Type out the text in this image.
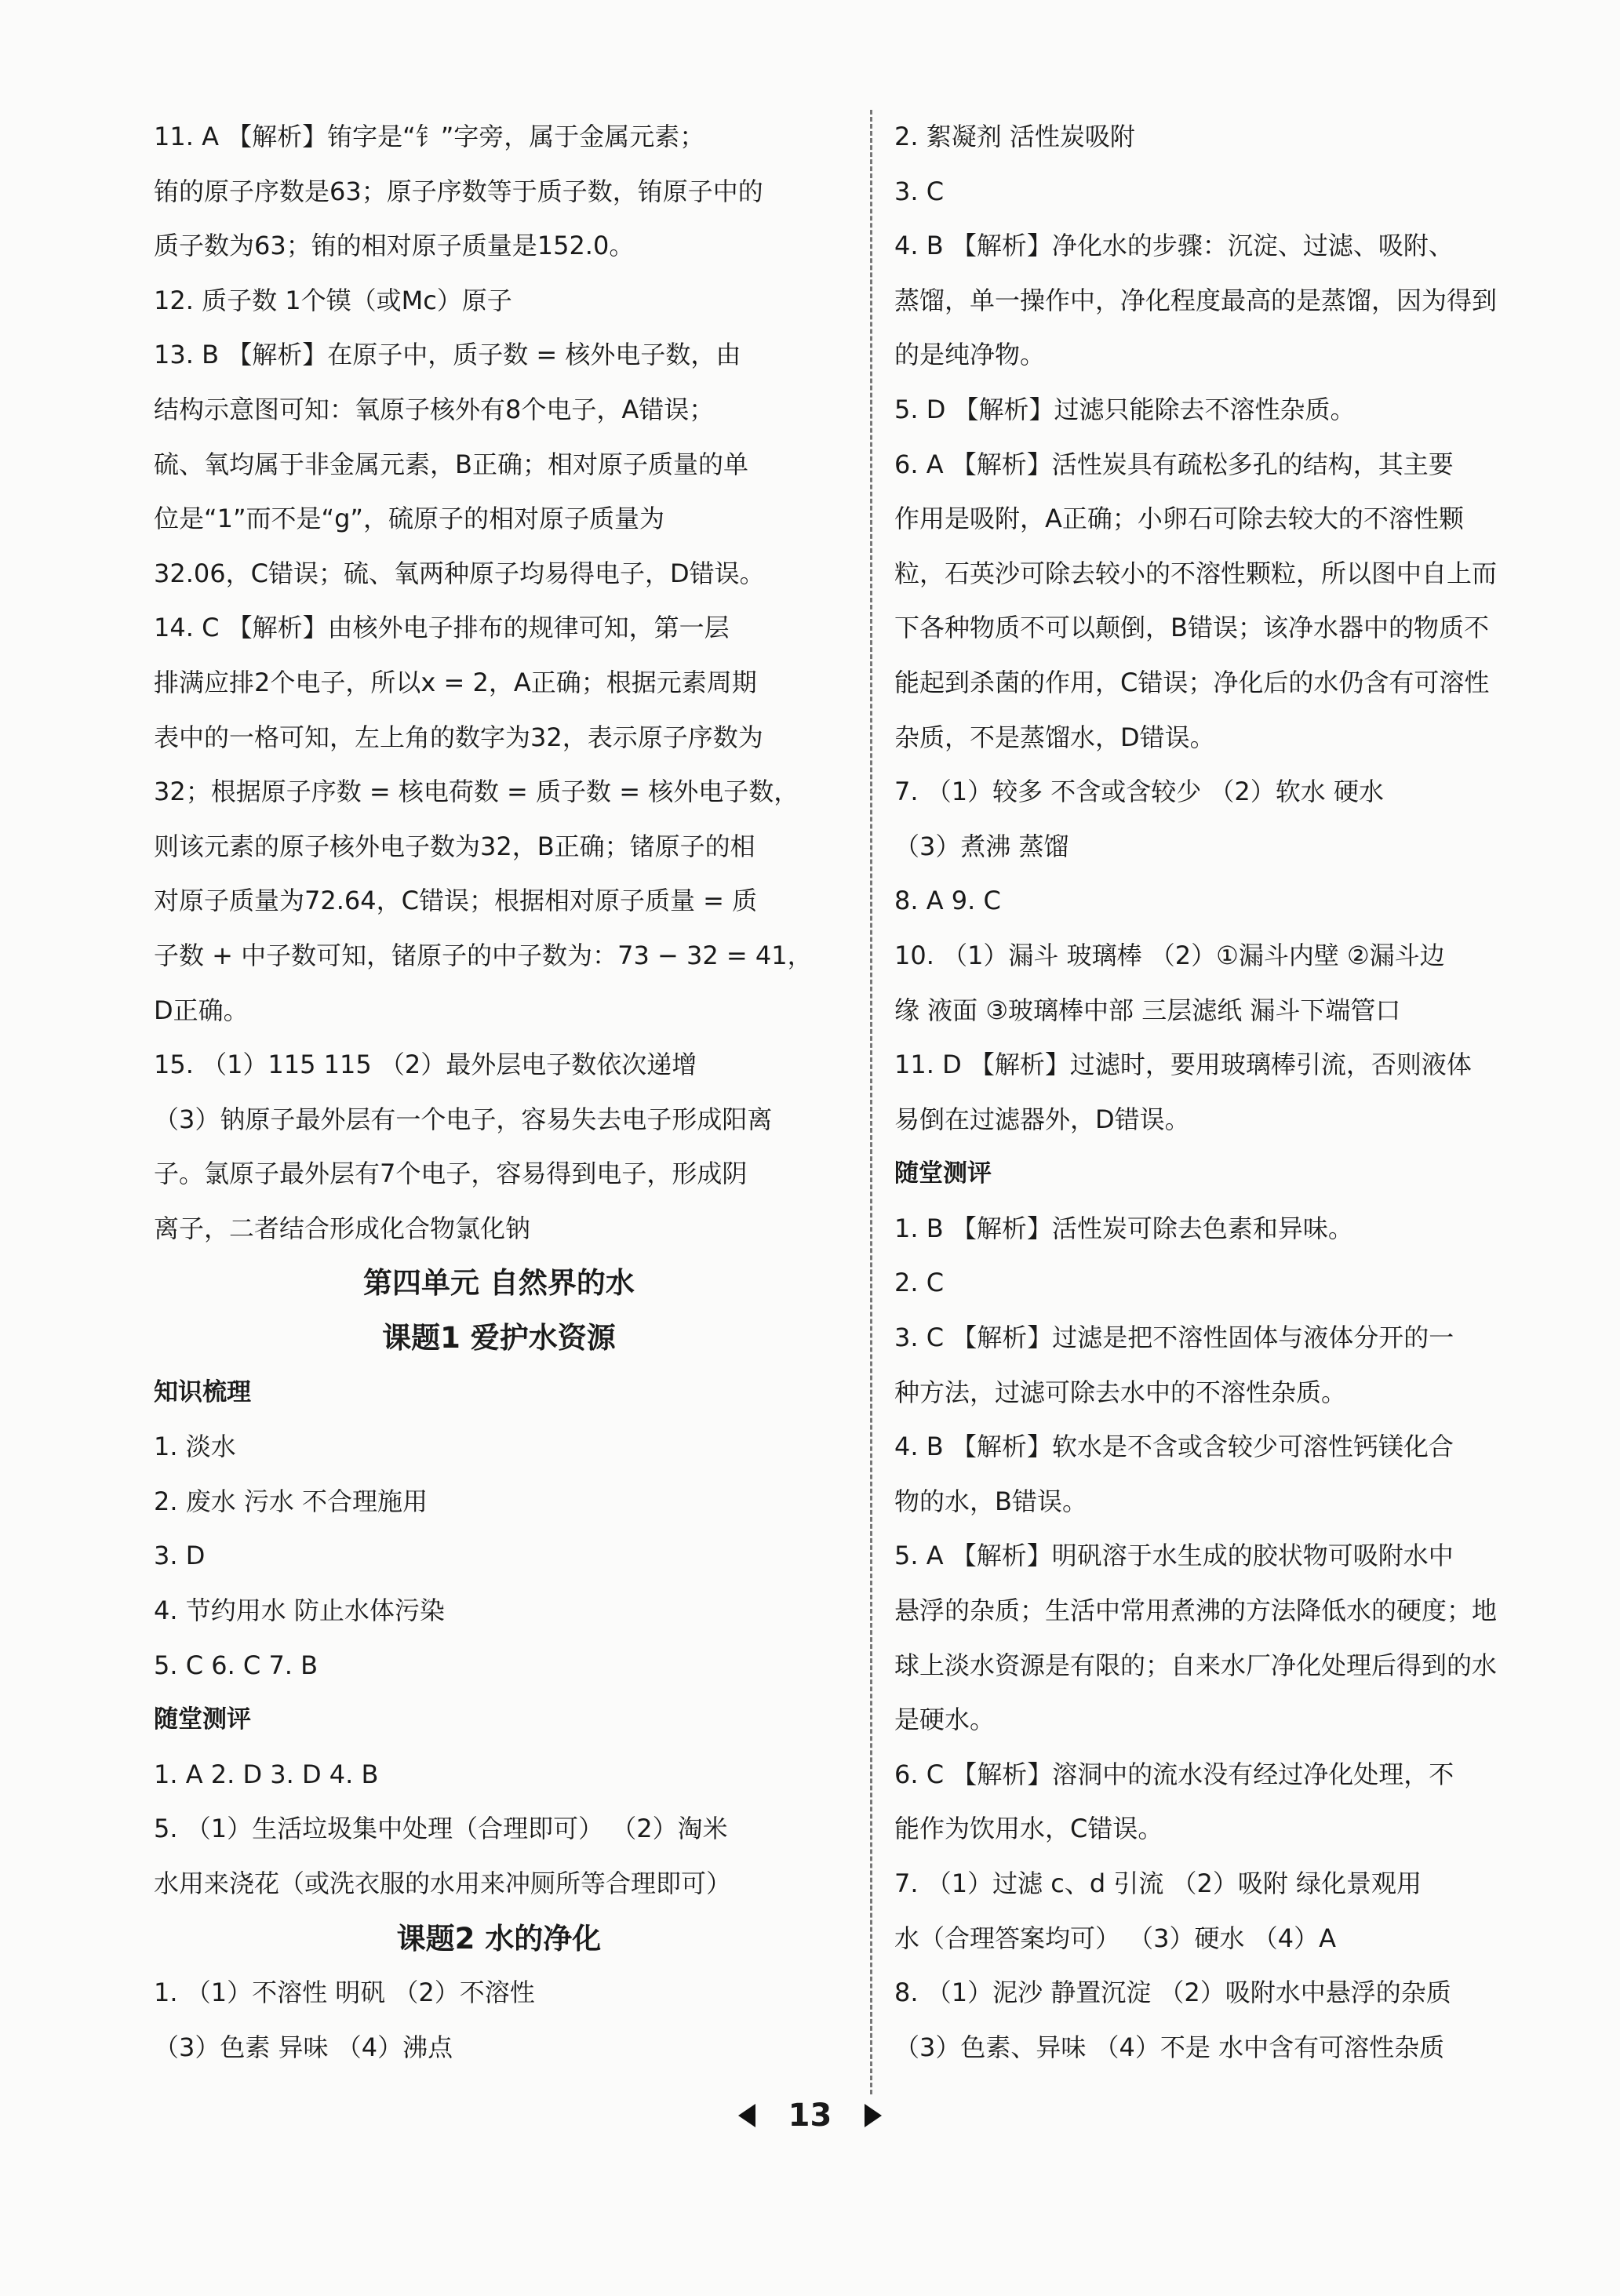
11. A 【解析】铕字是“钅”字旁，属于金属元素；
铕的原子序数是63；原子序数等于质子数，铕原子中的
质子数为63；铕的相对原子质量是152.0。
12. 质子数 1个镆（或Mc）原子
13. B 【解析】在原子中，质子数 = 核外电子数，由
结构示意图可知：氧原子核外有8个电子，A错误；
硫、氧均属于非金属元素，B正确；相对原子质量的单
位是“1”而不是“g”，硫原子的相对原子质量为
32.06，C错误；硫、氧两种原子均易得电子，D错误。
14. C 【解析】由核外电子排布的规律可知，第一层
排满应排2个电子，所以x = 2，A正确；根据元素周期
表中的一格可知，左上角的数字为32，表示原子序数为
32；根据原子序数 = 核电荷数 = 质子数 = 核外电子数，
则该元素的原子核外电子数为32，B正确；锗原子的相
对原子质量为72.64，C错误；根据相对原子质量 = 质
子数 + 中子数可知，锗原子的中子数为：73 − 32 = 41，
D正确。
15. （1）115 115 （2）最外层电子数依次递增
（3）钠原子最外层有一个电子，容易失去电子形成阳离
子。氯原子最外层有7个电子，容易得到电子，形成阴
离子，二者结合形成化合物氯化钠
第四单元 自然界的水
课题1 爱护水资源
知识梳理
1. 淡水
2. 废水 污水 不合理施用
3. D
4. 节约用水 防止水体污染
5. C 6. C 7. B
随堂测评
1. A 2. D 3. D 4. B
5. （1）生活垃圾集中处理（合理即可） （2）淘米
水用来浇花（或洗衣服的水用来冲厕所等合理即可）
课题2 水的净化
1. （1）不溶性 明矾 （2）不溶性
（3）色素 异味 （4）沸点
2. 絮凝剂 活性炭吸附
3. C
4. B 【解析】净化水的步骤：沉淀、过滤、吸附、
蒸馏，单一操作中，净化程度最高的是蒸馏，因为得到
的是纯净物。
5. D 【解析】过滤只能除去不溶性杂质。
6. A 【解析】活性炭具有疏松多孔的结构，其主要
作用是吸附，A正确；小卵石可除去较大的不溶性颗
粒，石英沙可除去较小的不溶性颗粒，所以图中自上而
下各种物质不可以颠倒，B错误；该净水器中的物质不
能起到杀菌的作用，C错误；净化后的水仍含有可溶性
杂质，不是蒸馏水，D错误。
7. （1）较多 不含或含较少 （2）软水 硬水
（3）煮沸 蒸馏
8. A 9. C
10. （1）漏斗 玻璃棒 （2）①漏斗内壁 ②漏斗边
缘 液面 ③玻璃棒中部 三层滤纸 漏斗下端管口
11. D 【解析】过滤时，要用玻璃棒引流，否则液体
易倒在过滤器外，D错误。
随堂测评
1. B 【解析】活性炭可除去色素和异味。
2. C
3. C 【解析】过滤是把不溶性固体与液体分开的一
种方法，过滤可除去水中的不溶性杂质。
4. B 【解析】软水是不含或含较少可溶性钙镁化合
物的水，B错误。
5. A 【解析】明矾溶于水生成的胶状物可吸附水中
悬浮的杂质；生活中常用煮沸的方法降低水的硬度；地
球上淡水资源是有限的；自来水厂净化处理后得到的水
是硬水。
6. C 【解析】溶洞中的流水没有经过净化处理，不
能作为饮用水，C错误。
7. （1）过滤 c、d 引流 （2）吸附 绿化景观用
水（合理答案均可） （3）硬水 （4）A
8. （1）泥沙 静置沉淀 （2）吸附水中悬浮的杂质
（3）色素、异味 （4）不是 水中含有可溶性杂质
13
